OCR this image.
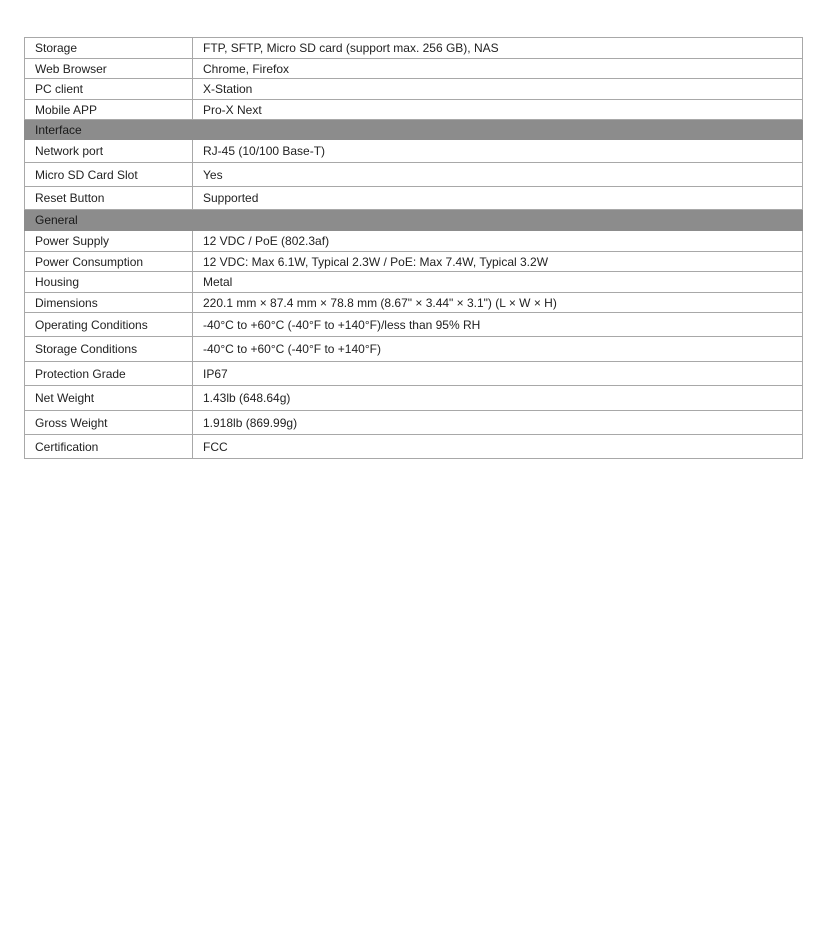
Storage	FTP, SFTP, Micro SD card (support max. 256 GB), NAS
Web Browser	Chrome, Firefox
PC client	X-Station
Mobile APP	Pro-X Next
Interface	
Network port	RJ-45 (10/100 Base-T)
Micro SD Card Slot	Yes
Reset Button	Supported
General	
Power Supply	12 VDC / PoE (802.3af)
Power Consumption	12 VDC: Max 6.1W, Typical 2.3W / PoE: Max 7.4W, Typical 3.2W
Housing	Metal
Dimensions	220.1 mm × 87.4 mm × 78.8 mm (8.67" × 3.44" × 3.1") (L × W × H)
Operating Conditions	-40°C to +60°C (-40°F to +140°F)/less than 95% RH
Storage Conditions	-40°C to +60°C (-40°F to +140°F)
Protection Grade	IP67
Net Weight	1.43lb (648.64g)
Gross Weight	1.918lb (869.99g)
Certification	FCC
